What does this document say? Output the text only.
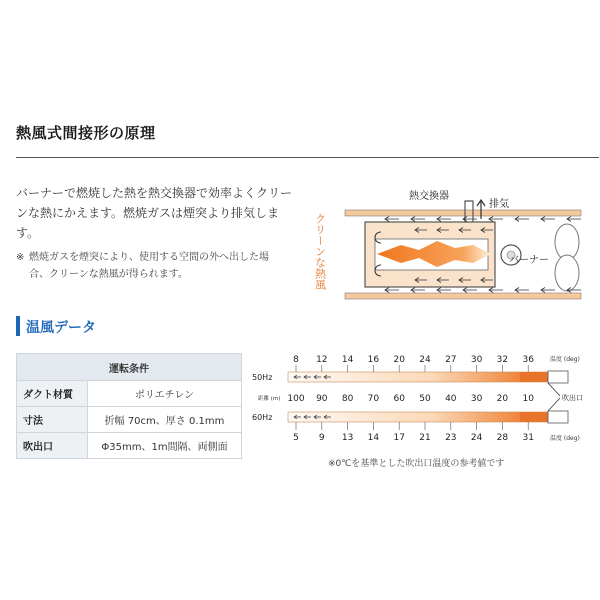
熱風式間接形の原理
バーナーで燃焼した熱を熱交換器で効率よくクリー
ンな熱にかえます。燃焼ガスは煙突より排気しま
す。
※ 燃焼ガスを煙突により、使用する空間の外へ出した場
合、クリーンな熱風が得られます。
熱交換器
排気
バーナー
クリーンな熱風
温風データ
運転条件	
ダクト材質	ポリエチレン
寸法	折幅 70cm、厚さ 0.1mm
吹出口	Φ35mm、1m間隔、両側面
8 12 14 16 20 24 27 30 32 36	温度 (deg)
50Hz
60Hz
吹出口
距離 (m) 100 90 80 70 60 50 40 30 20 10
5 9 13 14 17 21 23 24 28 31	温度 (deg)
※0℃を基準とした吹出口温度の参考値です
